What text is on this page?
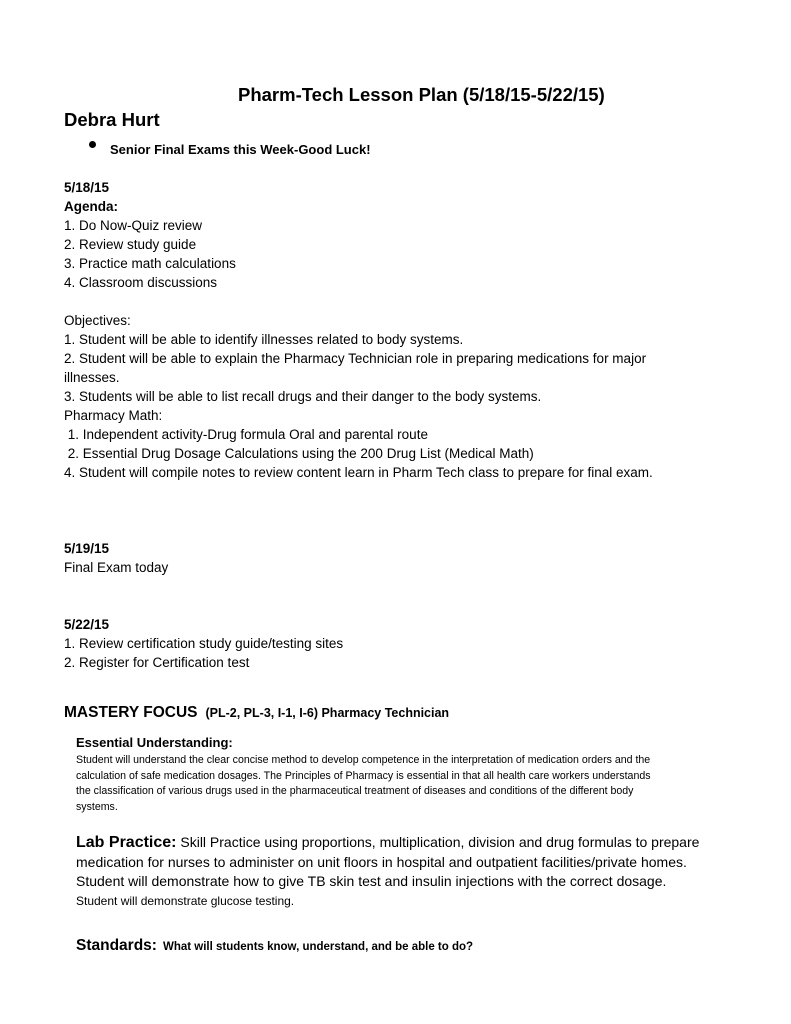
Pharm-Tech Lesson Plan (5/18/15-5/22/15)
Debra Hurt
Senior Final Exams this Week-Good Luck!
5/18/15
Agenda:
1. Do Now-Quiz review
2. Review study guide
3. Practice math calculations
4. Classroom discussions

Objectives:
1. Student will be able to identify illnesses related to body systems.
2. Student will be able to explain the Pharmacy Technician role in preparing medications for major
illnesses.
3. Students will be able to list recall drugs and their danger to the body systems.
Pharmacy Math:
1. Independent activity-Drug formula Oral and parental route
2. Essential Drug Dosage Calculations using the 200 Drug List (Medical Math)
4. Student will compile notes to review content learn in Pharm Tech class to prepare for final exam.
5/19/15
Final Exam today
5/22/15
1. Review certification study guide/testing sites
2. Register for Certification test
MASTERY FOCUS (PL-2, PL-3, I-1, I-6) Pharmacy Technician
Essential Understanding:
Student will understand the clear concise method to develop competence in the interpretation of medication orders and the
calculation of safe medication dosages. The Principles of Pharmacy is essential in that all health care workers understands
the classification of various drugs used in the pharmaceutical treatment of diseases and conditions of the different body
systems.
Lab Practice: Skill Practice using proportions, multiplication, division and drug formulas to prepare
medication for nurses to administer on unit floors in hospital and outpatient facilities/private homes.
Student will demonstrate how to give TB skin test and insulin injections with the correct dosage.
Student will demonstrate glucose testing.
Standards: What will students know, understand, and be able to do?
